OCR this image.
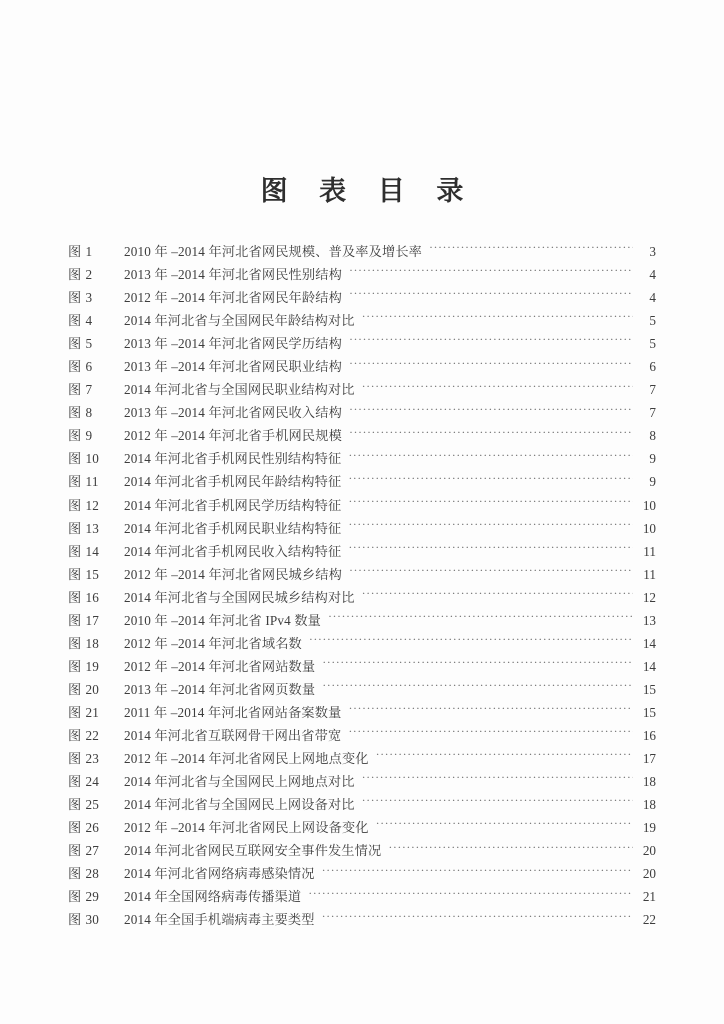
图 表 目 录
图 1	2010 年 –2014 年河北省网民规模、普及率及增长率 ·····	3
图 2	2013 年 –2014 年河北省网民性别结构 ·····	4
图 3	2012 年 –2014 年河北省网民年龄结构 ·····	4
图 4	2014 年河北省与全国网民年龄结构对比 ·····	5
图 5	2013 年 –2014 年河北省网民学历结构 ·····	5
图 6	2013 年 –2014 年河北省网民职业结构 ·····	6
图 7	2014 年河北省与全国网民职业结构对比 ·····	7
图 8	2013 年 –2014 年河北省网民收入结构 ·····	7
图 9	2012 年 –2014 年河北省手机网民规模 ·····	8
图 10	2014 年河北省手机网民性别结构特征 ·····	9
图 11	2014 年河北省手机网民年龄结构特征 ·····	9
图 12	2014 年河北省手机网民学历结构特征 ·····	10
图 13	2014 年河北省手机网民职业结构特征 ·····	10
图 14	2014 年河北省手机网民收入结构特征 ·····	11
图 15	2012 年 –2014 年河北省网民城乡结构 ·····	11
图 16	2014 年河北省与全国网民城乡结构对比 ·····	12
图 17	2010 年 –2014 年河北省 IPv4 数量 ·····	13
图 18	2012 年 –2014 年河北省域名数 ·····	14
图 19	2012 年 –2014 年河北省网站数量 ·····	14
图 20	2013 年 –2014 年河北省网页数量 ·····	15
图 21	2011 年 –2014 年河北省网站备案数量 ·····	15
图 22	2014 年河北省互联网骨干网出省带宽 ·····	16
图 23	2012 年 –2014 年河北省网民上网地点变化 ·····	17
图 24	2014 年河北省与全国网民上网地点对比 ·····	18
图 25	2014 年河北省与全国网民上网设备对比 ·····	18
图 26	2012 年 –2014 年河北省网民上网设备变化 ·····	19
图 27	2014 年河北省网民互联网安全事件发生情况 ·····	20
图 28	2014 年河北省网络病毒感染情况 ·····	20
图 29	2014 年全国网络病毒传播渠道 ·····	21
图 30	2014 年全国手机端病毒主要类型 ·····	22
